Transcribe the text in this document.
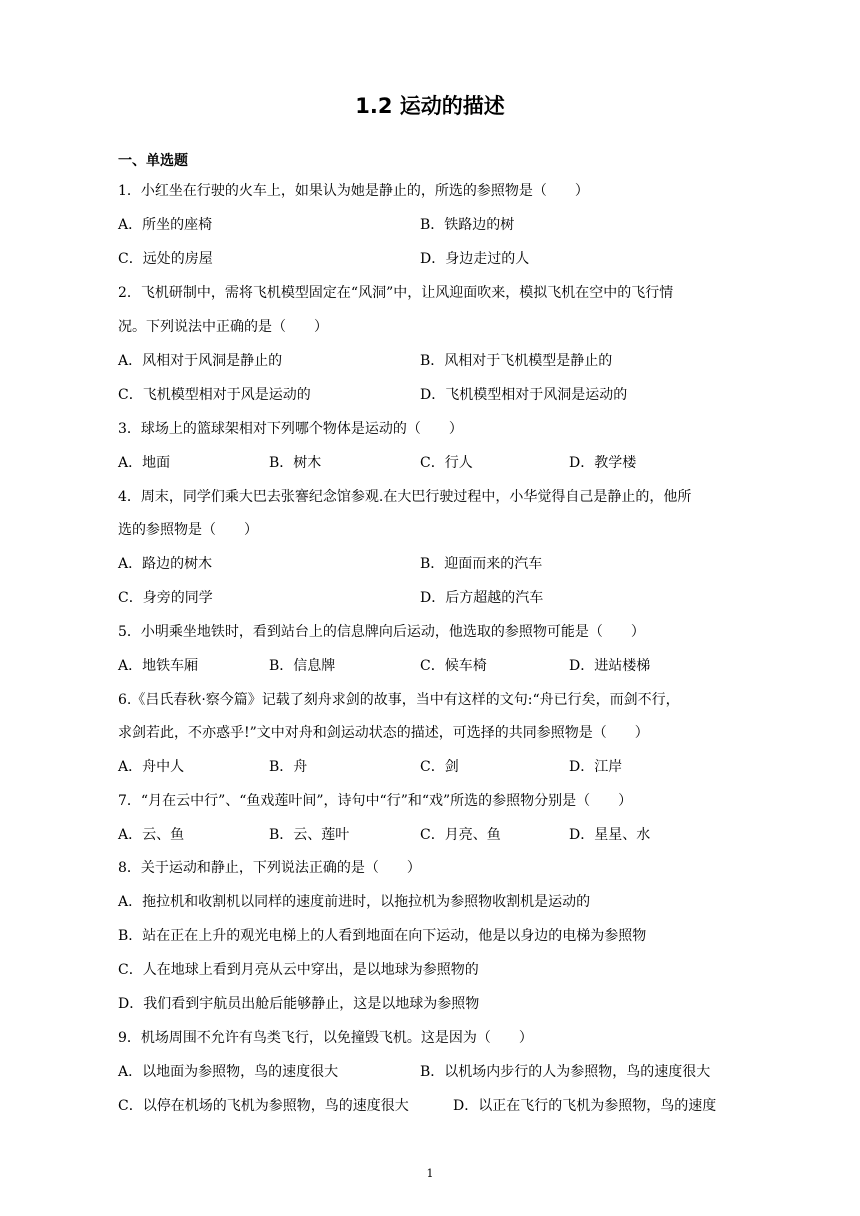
1.2 运动的描述
一、单选题
1．小红坐在行驶的火车上，如果认为她是静止的，所选的参照物是（　　）
A．所坐的座椅	B．铁路边的树
C．远处的房屋	D．身边走过的人
2．飞机研制中，需将飞机模型固定在“风洞”中，让风迎面吹来，模拟飞机在空中的飞行情
况。下列说法中正确的是（　　）
A．风相对于风洞是静止的	B．风相对于飞机模型是静止的
C．飞机模型相对于风是运动的	D．飞机模型相对于风洞是运动的
3．球场上的篮球架相对下列哪个物体是运动的（　　）
A．地面	B．树木	C．行人	D．教学楼
4．周末，同学们乘大巴去张謇纪念馆参观.在大巴行驶过程中，小华觉得自己是静止的，他所
选的参照物是（　　）
A．路边的树木	B．迎面而来的汽车
C．身旁的同学	D．后方超越的汽车
5．小明乘坐地铁时，看到站台上的信息牌向后运动，他选取的参照物可能是（　　）
A．地铁车厢	B．信息牌	C．候车椅	D．进站楼梯
6.《吕氏春秋·察今篇》记载了刻舟求剑的故事，当中有这样的文句:“舟已行矣，而剑不行，
求剑若此，不亦惑乎!”文中对舟和剑运动状态的描述，可选择的共同参照物是（　　）
A．舟中人	B．舟	C．剑	D．江岸
7．“月在云中行”、“鱼戏莲叶间”，诗句中“行”和“戏”所选的参照物分别是（　　）
A．云、鱼	B．云、莲叶	C．月亮、鱼	D．星星、水
8．关于运动和静止，下列说法正确的是（　　）
A．拖拉机和收割机以同样的速度前进时，以拖拉机为参照物收割机是运动的
B．站在正在上升的观光电梯上的人看到地面在向下运动，他是以身边的电梯为参照物
C．人在地球上看到月亮从云中穿出，是以地球为参照物的
D．我们看到宇航员出舱后能够静止，这是以地球为参照物
9．机场周围不允许有鸟类飞行，以免撞毁飞机。这是因为（　　）
A．以地面为参照物，鸟的速度很大	B．以机场内步行的人为参照物，鸟的速度很大
C．以停在机场的飞机为参照物，鸟的速度很大	D．以正在飞行的飞机为参照物，鸟的速度
1
